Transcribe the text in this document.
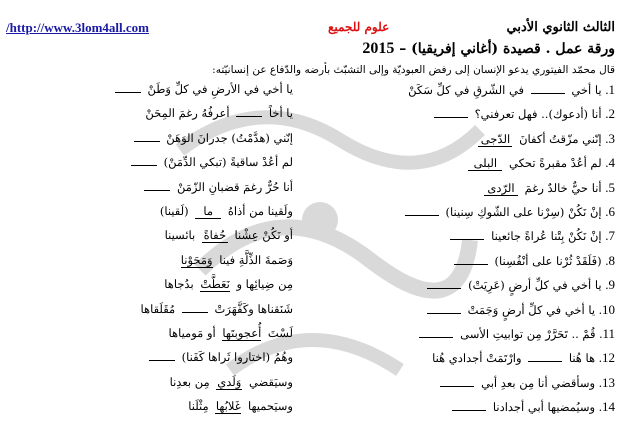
/http://www.3lom4all.com	علوم للجميع	الثالث الثانوي الأدبي
ورقة عمل . قصيدة (أغاني إفريقيا) – 2015
قال محمّد الفيتوري يدعو الإنسان إلى رفض العبوديّة وإلى التشبّث بأرضه والدّفاع عن إنسانيّته:
1. يا أخي  في الشّرقِ في كلِّ سَكَنْ
2. أنا (أدعوك).. فهل تعرفني؟
3. إنّني مزّقتُ أكفانَ الدّجى
4. لم أعُدْ مقبرةً تحكي البلى
5. أنا حيٌّ خالدٌ رغمَ الرّدى
6. إنْ نَكُنْ (سِرْنا على الشّوكِ سِنينا)
7. إنْ نَكُنْ بِتْنا عُراةً جائعينا
8. (فَلَقَدْ ثُرْنا على أنْفُسِنا)
9. يا أخي في كلِّ أرضٍ (عَرِيَتْ)
10. يا أخي في كلِّ أرضٍ وَجَمَتْ
11. قُمْ .. تَحَرَّرْ مِن توابيتِ الأسى
12. ها هُنا  وارْتَمَتْ أجدادي هُنا
13. وسأقضي أنا مِن بعدِ أبي
14. وسيُمضيها أبي أجدادنا
يا أخي في الأرضِ في كلِّ وَطَنْ
يا أخاً  أعرفُهُ رغمَ المِحَنْ
إنّني (هدَّمْتُ) جدرانَ الوَهَنْ
لم أعُدْ ساقيةً (تبكي الدِّمَنْ)
أنا حُرٌّ رغمَ قضبانِ الزّمَنْ
ولَقينا من أذاهُ ما (لَقينا)
أو نَكُنْ عِشْنا حُفاةً بائسينا
وَصَمةَ الذِّلَّةِ فينا وَمَحَوْنا
مِن ضِيائِها و نَعَطَّتْ بدُجاها
شَنَقناها وكَفَّهَرَتْ  مُقَلَقاها
لَسْتَ أُعجوبتَها أو مَومياها
وهُمُ (اختاروا ثَراها كَفَنا)
وسيَقضي وَلَدي مِن بعدِنا
وسيَحميها غَلابُها مِثْلَنا
